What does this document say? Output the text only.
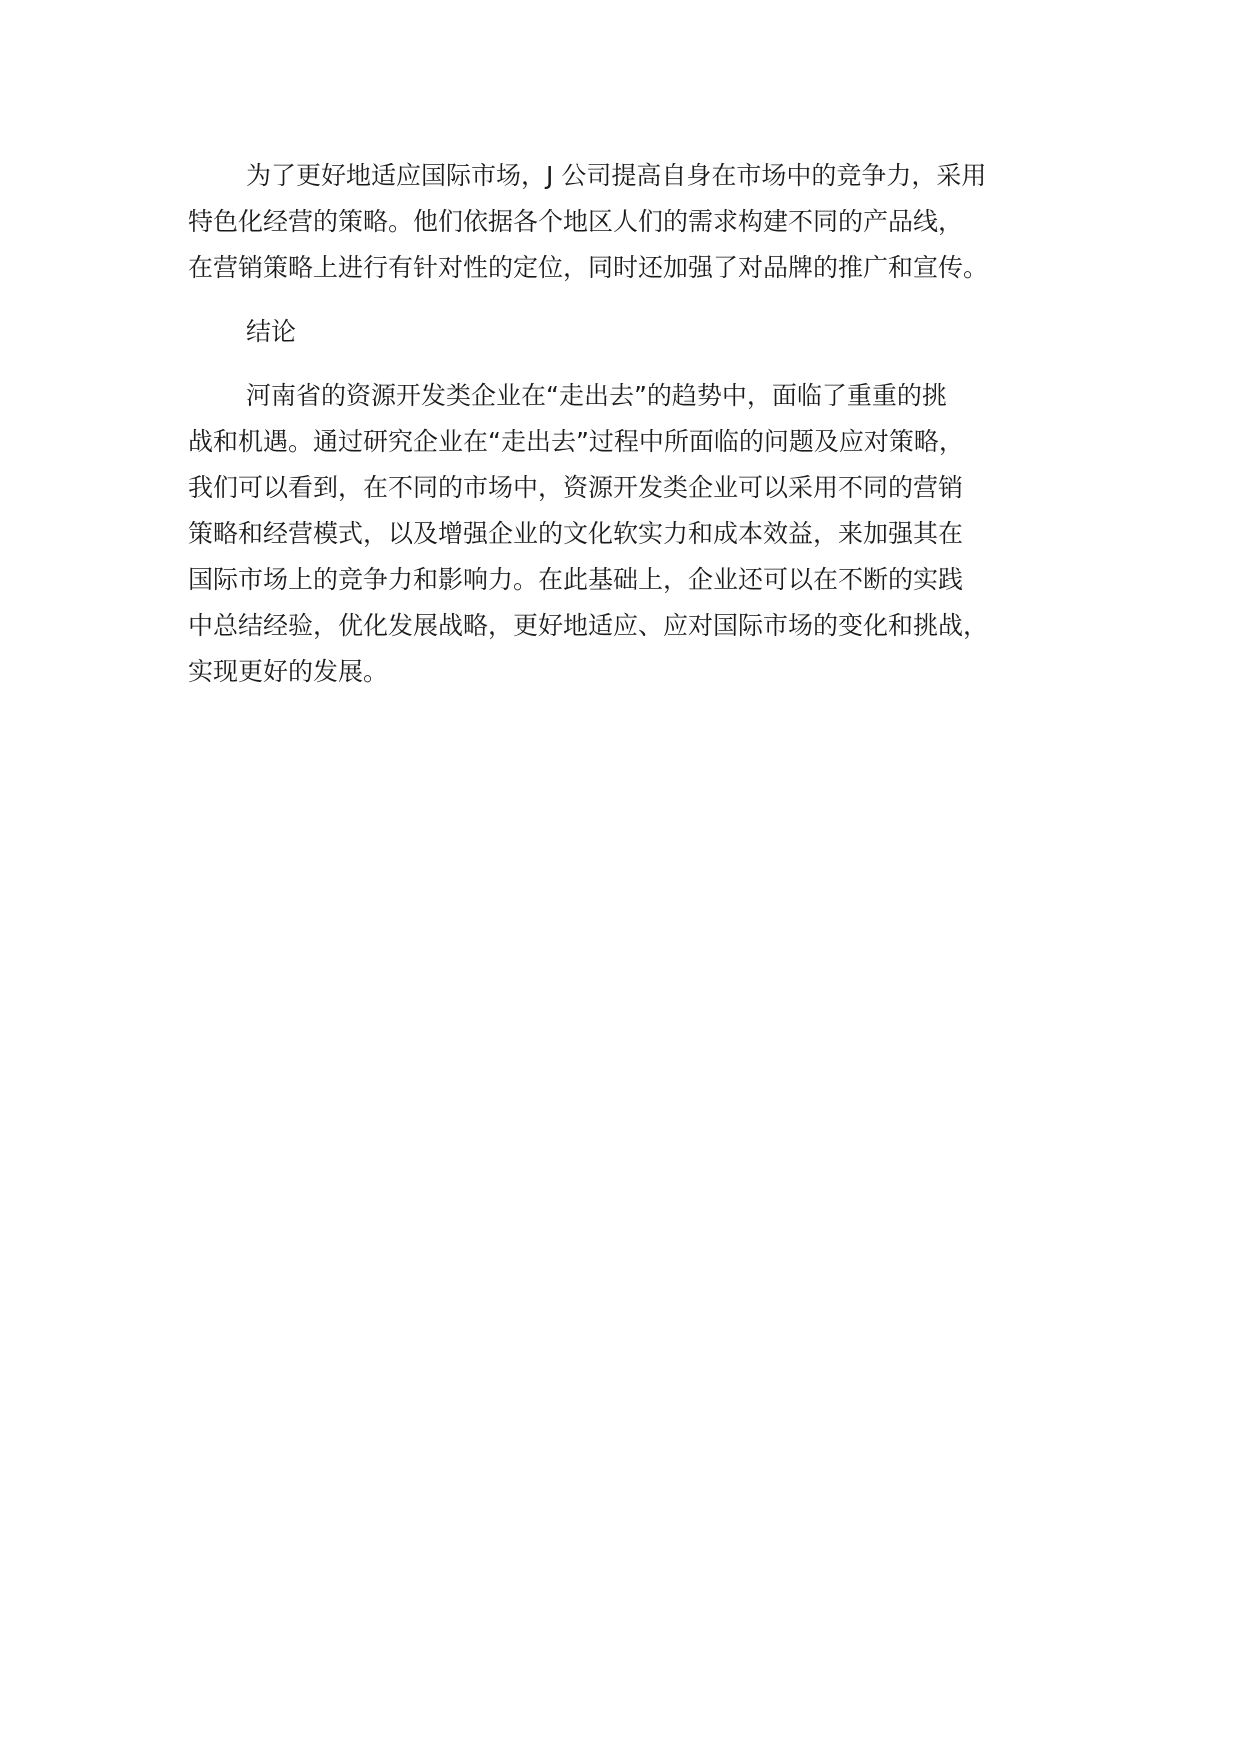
为了更好地适应国际市场，J 公司提高自身在市场中的竞争力，采用
特色化经营的策略。他们依据各个地区人们的需求构建不同的产品线，
在营销策略上进行有针对性的定位，同时还加强了对品牌的推广和宣传。

结论

河南省的资源开发类企业在“走出去”的趋势中，面临了重重的挑
战和机遇。通过研究企业在“走出去”过程中所面临的问题及应对策略，
我们可以看到，在不同的市场中，资源开发类企业可以采用不同的营销
策略和经营模式，以及增强企业的文化软实力和成本效益，来加强其在
国际市场上的竞争力和影响力。在此基础上，企业还可以在不断的实践
中总结经验，优化发展战略，更好地适应、应对国际市场的变化和挑战，
实现更好的发展。
